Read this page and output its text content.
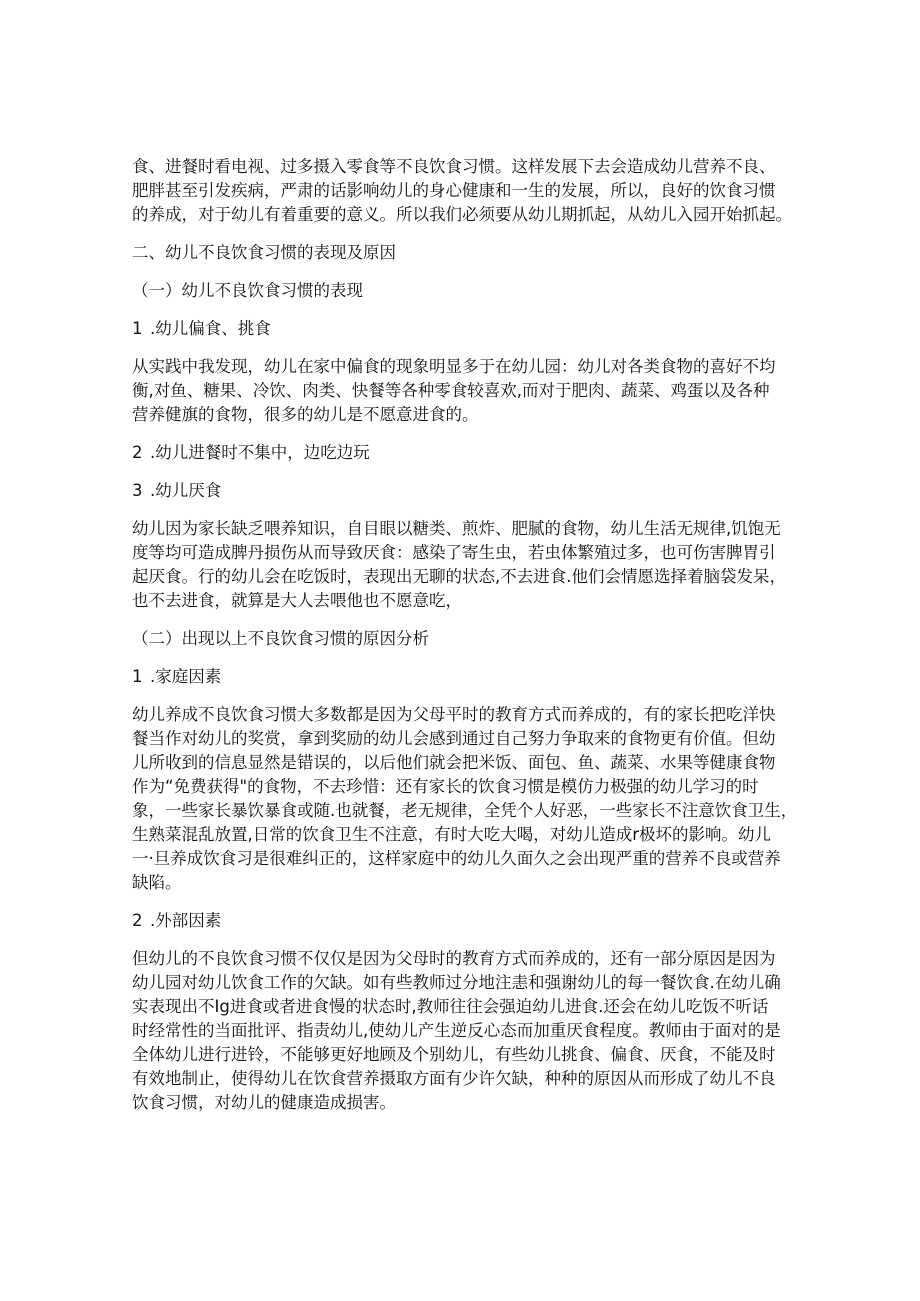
食、进餐时看电视、过多摄入零食等不良饮食习惯。这样发展下去会造成幼儿营养不良、
肥胖甚至引发疾病，严肃的话影响幼儿的身心健康和一生的发展，所以，良好的饮食习惯
的养成，对于幼儿有着重要的意义。所以我们必须要从幼儿期抓起，从幼儿入园开始抓起。
二、幼儿不良饮食习惯的表现及原因
（一）幼儿不良饮食习惯的表现
1 .幼儿偏食、挑食
从实践中我发现，幼儿在家中偏食的现象明显多于在幼儿园：幼儿对各类食物的喜好不均
衡,对鱼、糖果、冷饮、肉类、快餐等各种零食较喜欢,而对于肥肉、蔬菜、鸡蛋以及各种
营养健旗的食物，很多的幼儿是不愿意进食的。
2 .幼儿进餐时不集中，边吃边玩
3 .幼儿厌食
幼儿因为家长缺乏喂养知识，自目眼以糖类、煎炸、肥腻的食物，幼儿生活无规律,饥饱无
度等均可造成脾丹损伤从而导致厌食：感染了寄生虫，若虫体繁殖过多，也可伤害脾胃引
起厌食。行的幼儿会在吃饭时，表现出无聊的状态,不去进食.他们会情愿选择着脑袋发呆，
也不去进食，就算是大人去喂他也不愿意吃，
（二）出现以上不良饮食习惯的原因分析
1 .家庭因素
幼儿养成不良饮食习惯大多数都是因为父母平时的教育方式而养成的，有的家长把吃洋快
餐当作对幼儿的奖赏，拿到奖励的幼儿会感到通过自己努力争取来的食物更有价值。但幼
儿所收到的信息显然是错误的，以后他们就会把米饭、面包、鱼、蔬菜、水果等健康食物
作为“免费获得"的食物，不去珍惜：还有家长的饮食习惯是模仿力极强的幼儿学习的时
象，一些家长暴饮暴食或随.也就餐，老无规律，全凭个人好恶，一些家长不注意饮食卫生，
生熟菜混乱放置,日常的饮食卫生不注意，有时大吃大喝，对幼儿造成r极坏的影响。幼儿
一·旦养成饮食习是很难纠正的，这样家庭中的幼儿久面久之会出现严重的营养不良或营养
缺陷。
2 .外部因素
但幼儿的不良饮食习惯不仅仅是因为父母时的教育方式而养成的，还有一部分原因是因为
幼儿园对幼儿饮食工作的欠缺。如有些教师过分地注恚和强谢幼儿的每一餐饮食.在幼儿确
实表现出不Ig进食或者进食慢的状态时,教师往往会强迫幼儿进食.还会在幼儿吃饭不听话
时经常性的当面批评、指责幼儿,使幼儿产生逆反心态而加重厌食程度。教师由于面对的是
全体幼儿进行进铃，不能够更好地顾及个别幼儿，有些幼儿挑食、偏食、厌食，不能及时
有效地制止，使得幼儿在饮食营养摄取方面有少许欠缺，种种的原因从而形成了幼儿不良
饮食习惯，对幼儿的健康造成损害。
